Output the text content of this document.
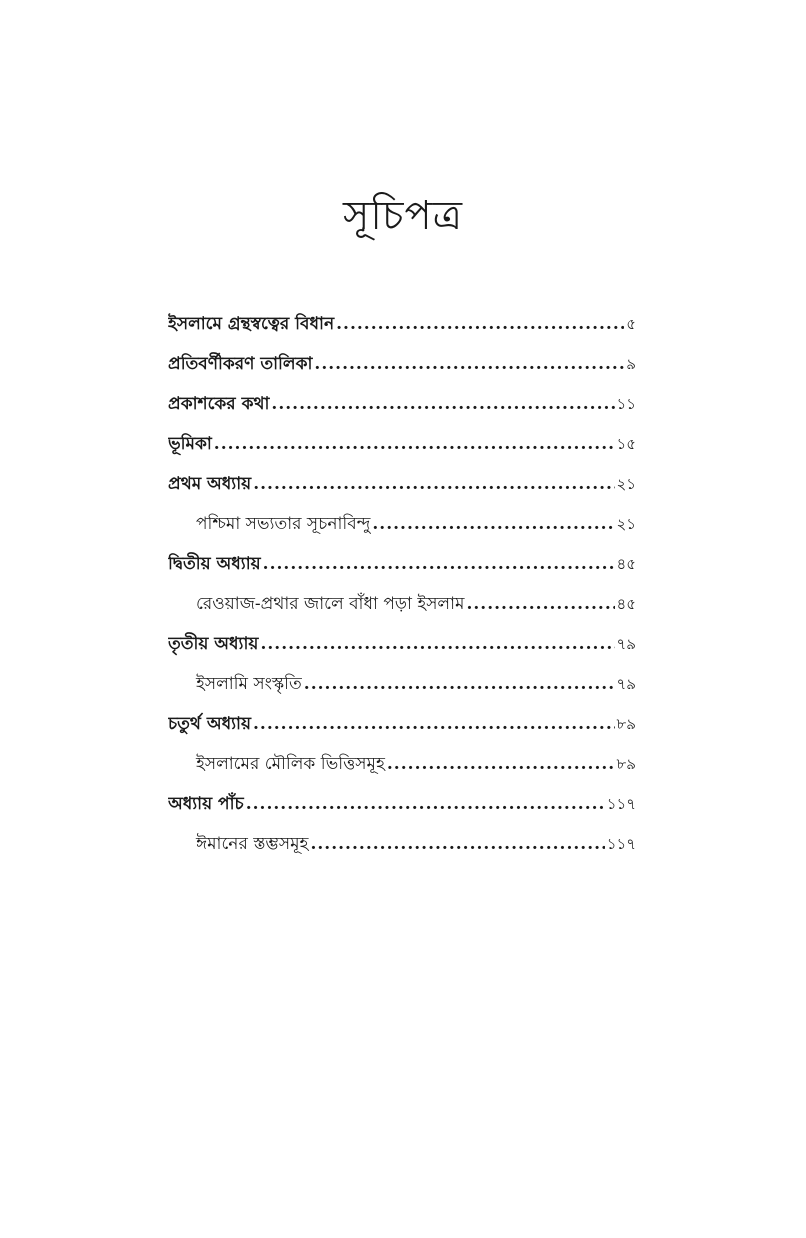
সূচিপত্র
ইসলামে গ্রন্থস্বত্বের বিধান .....	৫
প্রতিবর্ণীকরণ তালিকা .....	৯
প্রকাশকের কথা .....	১১
ভূমিকা .....	১৫
প্রথম অধ্যায় .....	২১
পশ্চিমা সভ্যতার সূচনাবিন্দু .....	২১
দ্বিতীয় অধ্যায় .....	৪৫
রেওয়াজ-প্রথার জালে বাঁধা পড়া ইসলাম .....	৪৫
তৃতীয় অধ্যায় .....	৭৯
ইসলামি সংস্কৃতি .....	৭৯
চতুর্থ অধ্যায় .....	৮৯
ইসলামের মৌলিক ভিত্তিসমূহ .....	৮৯
অধ্যায় পাঁচ .....	১১৭
ঈমানের স্তম্ভসমূহ .....	১১৭
